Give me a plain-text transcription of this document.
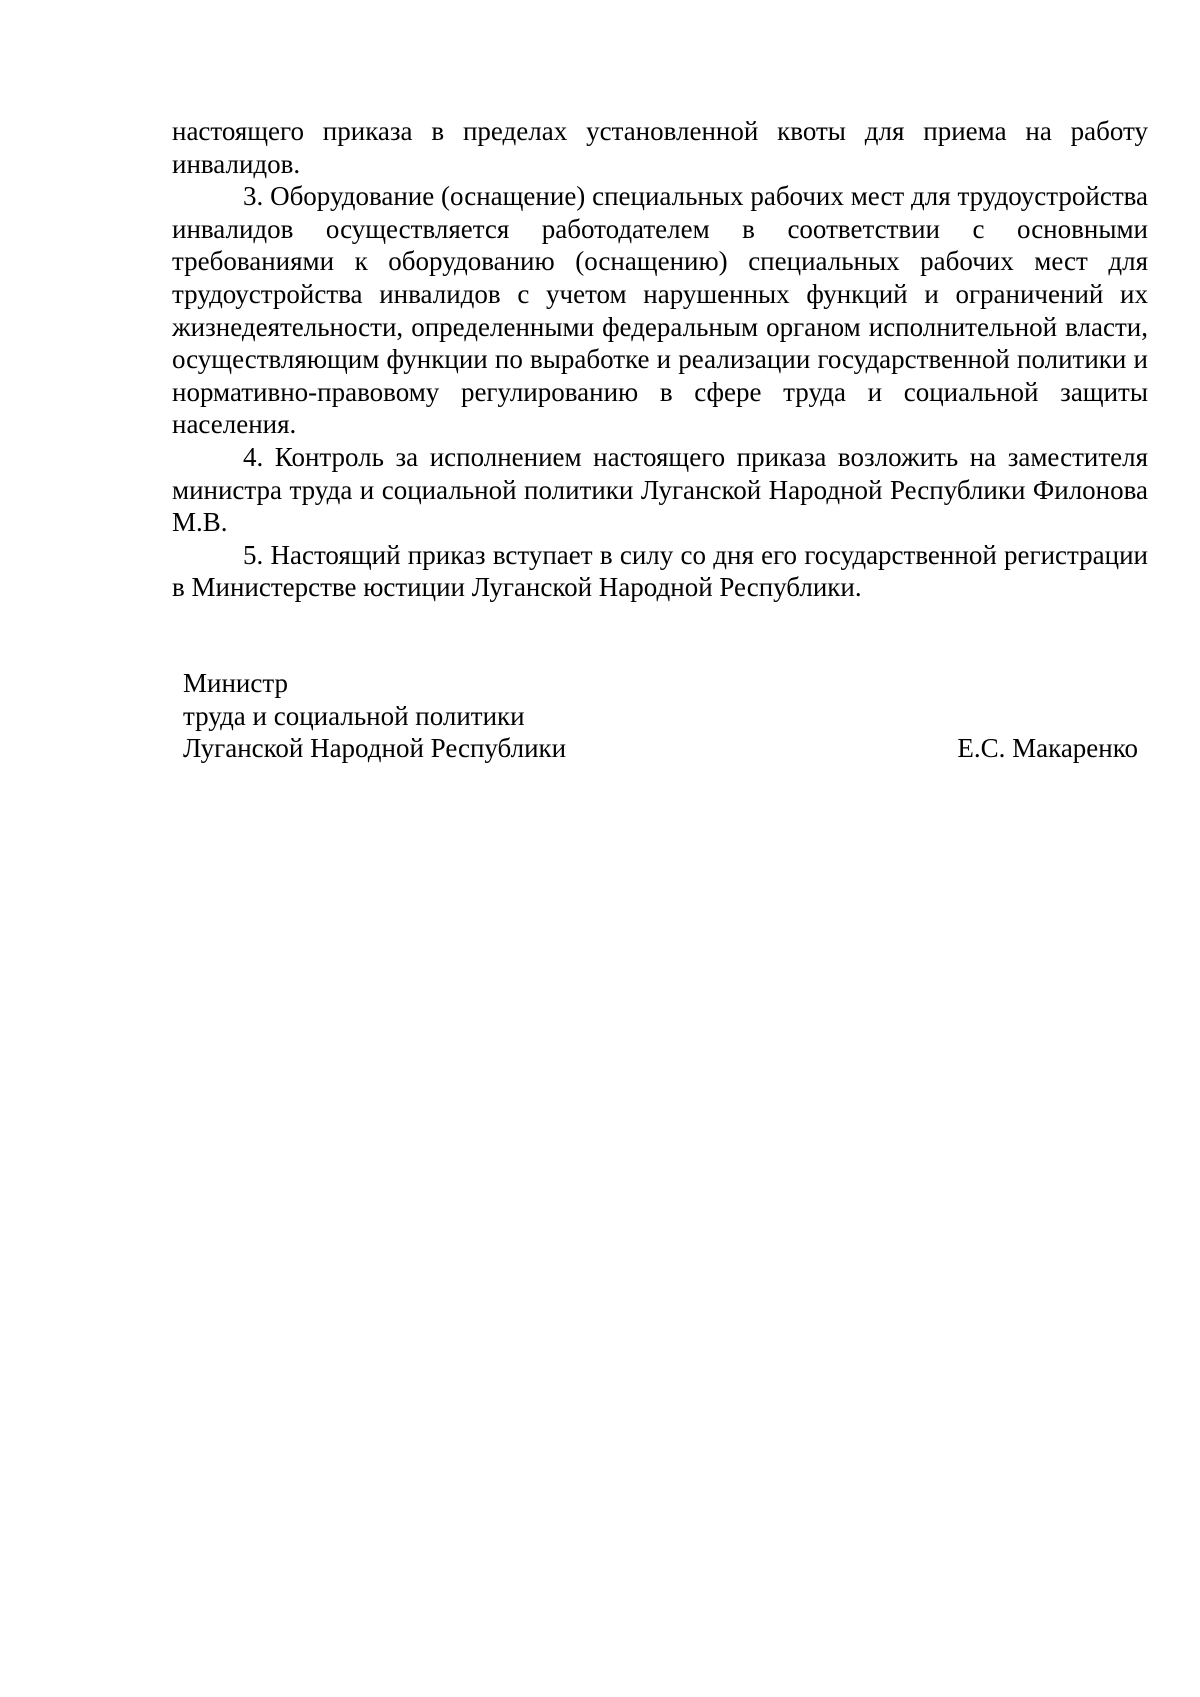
настоящего приказа в пределах установленной квоты для приема на работу инвалидов.

3. Оборудование (оснащение) специальных рабочих мест для трудоустройства инвалидов осуществляется работодателем в соответствии с основными требованиями к оборудованию (оснащению) специальных рабочих мест для трудоустройства инвалидов с учетом нарушенных функций и ограничений их жизнедеятельности, определенными федеральным органом исполнительной власти, осуществляющим функции по выработке и реализации государственной политики и нормативно-правовому регулированию в сфере труда и социальной защиты населения.

4. Контроль за исполнением настоящего приказа возложить на заместителя министра труда и социальной политики Луганской Народной Республики Филонова М.В.

5. Настоящий приказ вступает в силу со дня его государственной регистрации в Министерстве юстиции Луганской Народной Республики.

Министр
труда и социальной политики
Луганской Народной Республики	Е.С. Макаренко
